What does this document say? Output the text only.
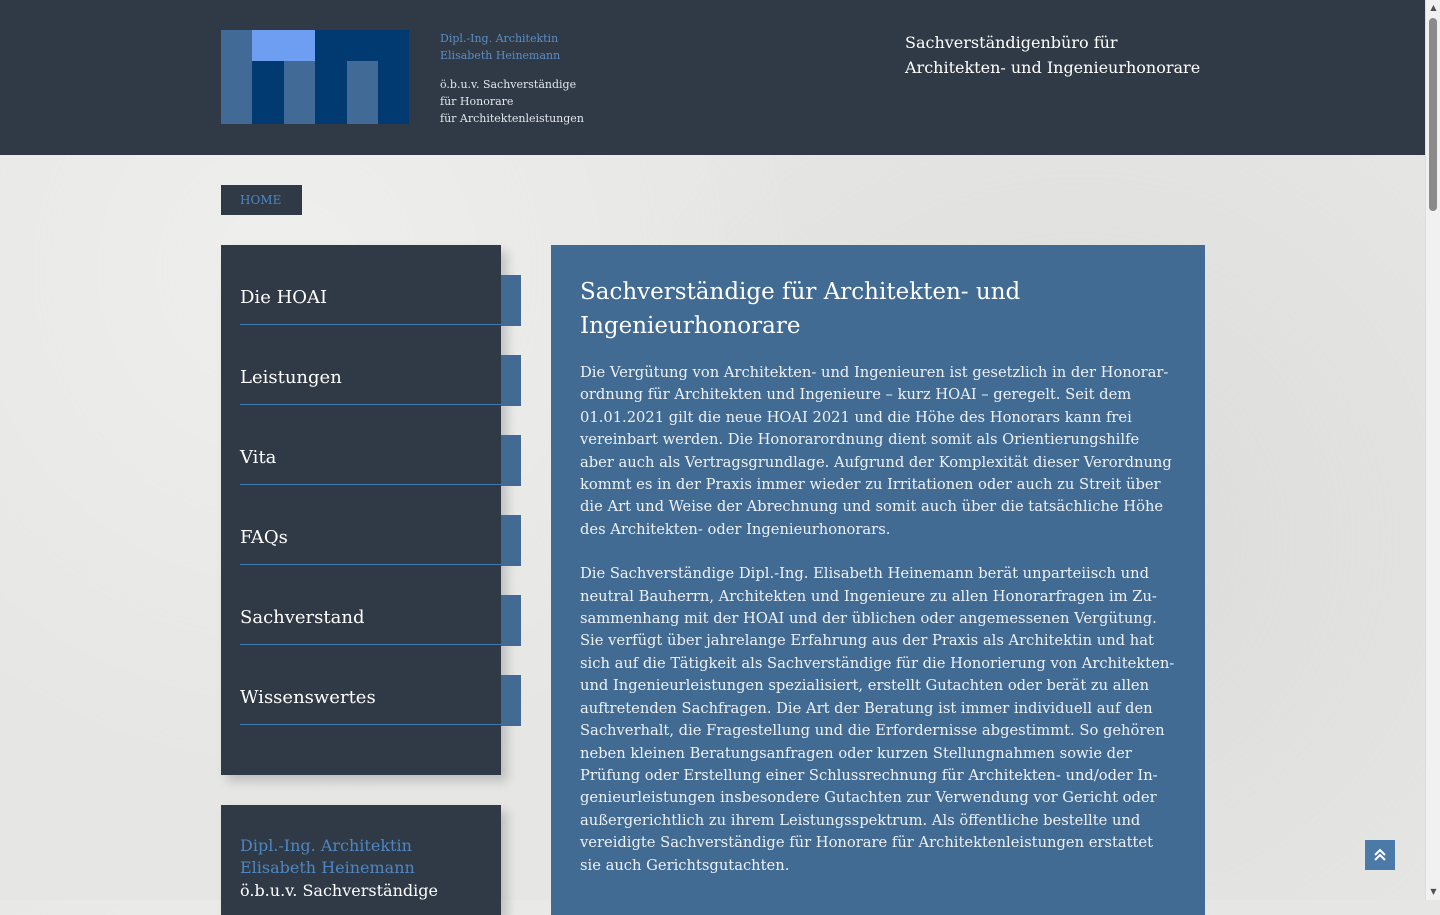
Dipl.-Ing. Architektin
Elisabeth Heinemann
ö.b.u.v. Sachverständige
für Honorare
für Architektenleistungen
Sachverständigenbüro für Architekten- und Ingenieurhonorare
HOME
Die HOAI
Leistungen
Vita
FAQs
Sachverstand
Wissenswertes
Dipl.-Ing. Architektin
Elisabeth Heinemann
ö.b.u.v. Sachverständige
Sachverständige für Architekten- und Ingenieurhonorare

Die Vergütung von Architekten- und Ingenieuren ist gesetzlich in der Honorarordnung für Architekten und Ingenieure – kurz HOAI – geregelt. Seit dem 01.01.2021 gilt die neue HOAI 2021 und die Höhe des Honorars kann frei vereinbart werden. Die Honorarordnung dient somit als Orientierungshilfe aber auch als Vertragsgrundlage. Aufgrund der Komplexität dieser Verordnung kommt es in der Praxis immer wieder zu Irritationen oder auch zu Streit über die Art und Weise der Abrechnung und somit auch über die tatsächliche Höhe des Architekten- oder Ingenieurhonorars.

Die Sachverständige Dipl.-Ing. Elisabeth Heinemann berät unparteiisch und neutral Bauherrn, Architekten und Ingenieure zu allen Honorarfragen im Zusammenhang mit der HOAI und der üblichen oder angemessenen Vergütung. Sie verfügt über jahrelange Erfahrung aus der Praxis als Architektin und hat sich auf die Tätigkeit als Sachverständige für die Honorierung von Architekten- und Ingenieurleistungen spezialisiert, erstellt Gutachten oder berät zu allen auftretenden Sachfragen. Die Art der Beratung ist immer individuell auf den Sachverhalt, die Fragestellung und die Erfordernisse abgestimmt. So gehören neben kleinen Beratungsanfragen oder kurzen Stellungnahmen sowie der Prüfung oder Erstellung einer Schlussrechnung für Architekten- und/oder Ingenieurleistungen insbesondere Gutachten zur Verwendung vor Gericht oder außergerichtlich zu ihrem Leistungsspektrum. Als öffentliche bestellte und vereidigte Sachverständige für Honorare für Architektenleistungen erstattet sie auch Gerichtsgutachten.

▲
▼
